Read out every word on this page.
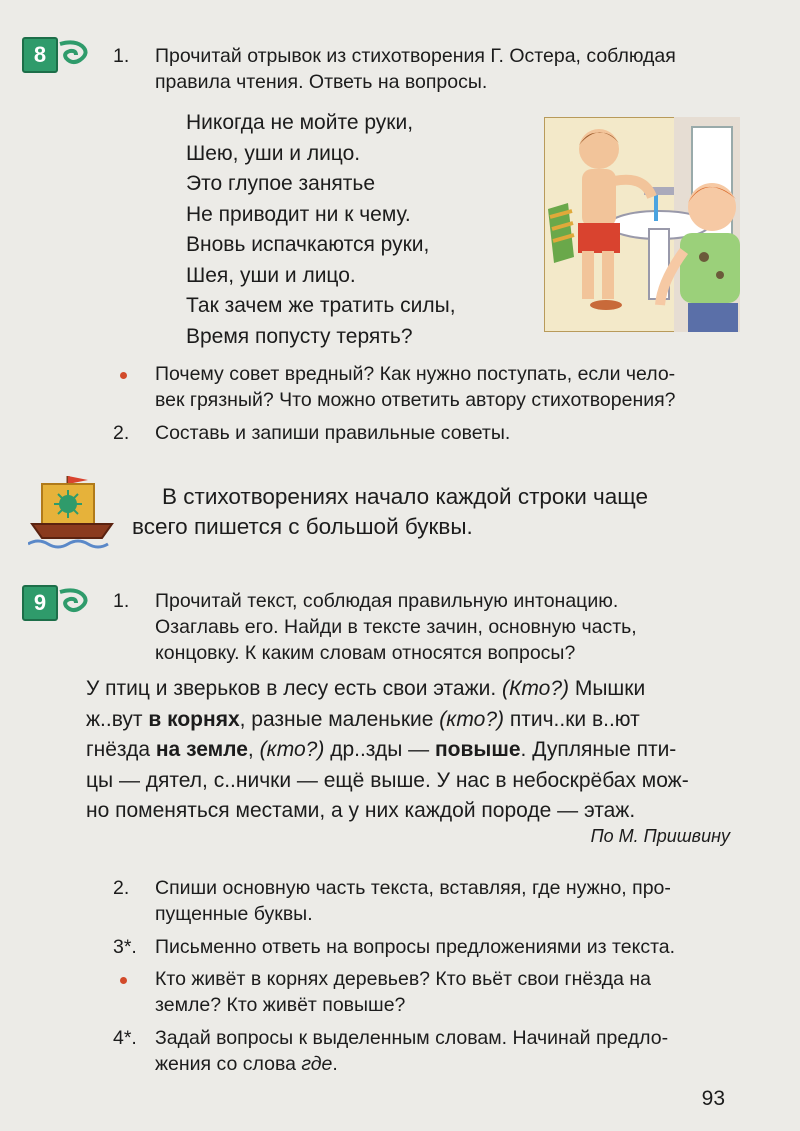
8	1. Прочитай отрывок из стихотворения Г. Остера, соблюдая
правила чтения. Ответь на вопросы.
Никогда не мойте руки,
Шею, уши и лицо.
Это глупое занятье
Не приводит ни к чему.
Вновь испачкаются руки,
Шея, уши и лицо.
Так зачем же тратить силы,
Время попусту терять?
Почему совет вредный? Как нужно поступать, если чело-
век грязный? Что можно ответить автору стихотворения?
2. Составь и запиши правильные советы.
В стихотворениях начало каждой строки чаще
всего пишется с большой буквы.
9	1. Прочитай текст, соблюдая правильную интонацию.
Озаглавь его. Найди в тексте зачин, основную часть,
концовку. К каким словам относятся вопросы?
У птиц и зверьков в лесу есть свои этажи. (Кто?) Мышки
ж..вут в корнях, разные маленькие (кто?) птич..ки в..ют
гнёзда на земле, (кто?) др..зды — повыше. Дупляные пти-
цы — дятел, с..нички — ещё выше. У нас в небоскрёбах мож-
но поменяться местами, а у них каждой породе — этаж.
По М. Пришвину
2. Спиши основную часть текста, вставляя, где нужно, про-
пущенные буквы.
3*. Письменно ответь на вопросы предложениями из текста.
Кто живёт в корнях деревьев? Кто вьёт свои гнёзда на
земле? Кто живёт повыше?
4*. Задай вопросы к выделенным словам. Начинай предло-
жения со слова где.
93
